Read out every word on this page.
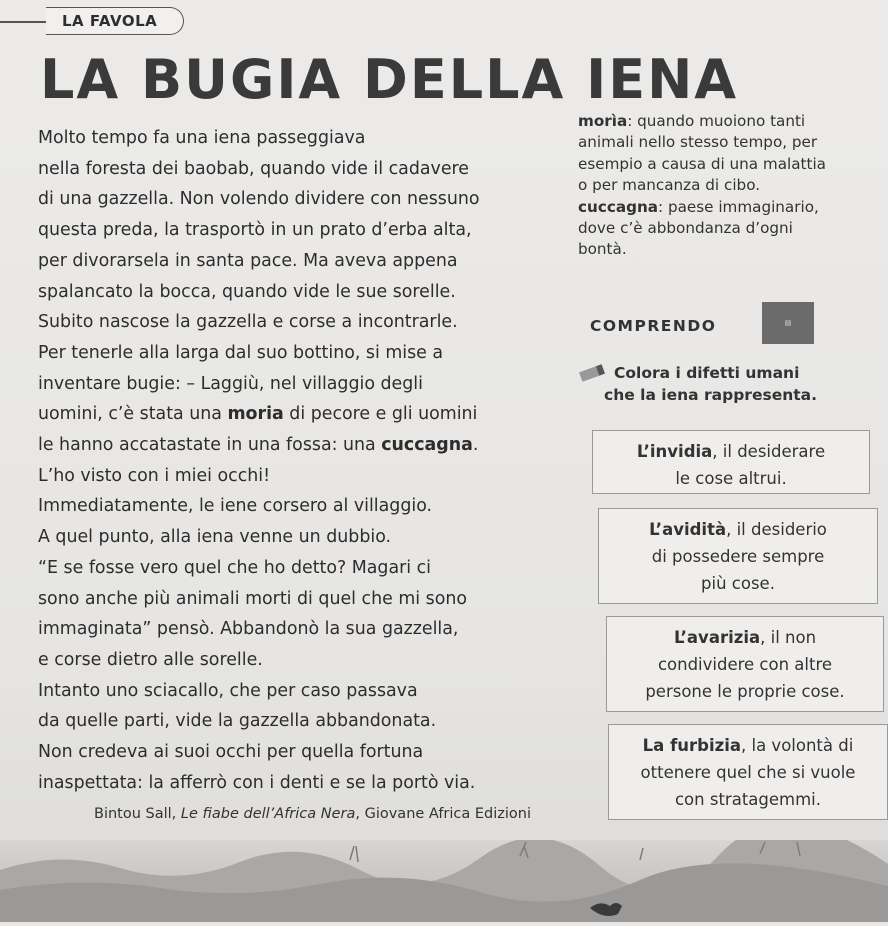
LA FAVOLA
LA BUGIA DELLA IENA

Molto tempo fa una iena passeggiava

nella foresta dei baobab, quando vide il cadavere

di una gazzella. Non volendo dividere con nessuno

questa preda, la trasportò in un prato d’erba alta,

per divorarsela in santa pace. Ma aveva appena

spalancato la bocca, quando vide le sue sorelle.

Subito nascose la gazzella e corse a incontrarle.

Per tenerle alla larga dal suo bottino, si mise a

inventare bugie: – Laggiù, nel villaggio degli

uomini, c’è stata una moria di pecore e gli uomini

le hanno accatastate in una fossa: una cuccagna.

L’ho visto con i miei occhi!

Immediatamente, le iene corsero al villaggio.

A quel punto, alla iena venne un dubbio.

“E se fosse vero quel che ho detto? Magari ci

sono anche più animali morti di quel che mi sono

immaginata” pensò. Abbandonò la sua gazzella,

e corse dietro alle sorelle.

Intanto uno sciacallo, che per caso passava

da quelle parti, vide la gazzella abbandonata.

Non credeva ai suoi occhi per quella fortuna

inaspettata: la afferrò con i denti e se la portò via.

Bintou Sall, Le fiabe dell’Africa Nera, Giovane Africa Edizioni

morìa: quando muoiono tanti

animali nello stesso tempo, per

esempio a causa di una malattia

o per mancanza di cibo.

cuccagna: paese immaginario,

dove c’è abbondanza d’ogni

bontà.

COMPRENDO	▤

Colora i difetti umani

che la iena rappresenta.

L’invidia, il desiderare

le cose altrui.

L’avidità, il desiderio

di possedere sempre

più cose.

L’avarizia, il non

condividere con altre

persone le proprie cose.

La furbizia, la volontà di

ottenere quel che si vuole

con stratagemmi.
